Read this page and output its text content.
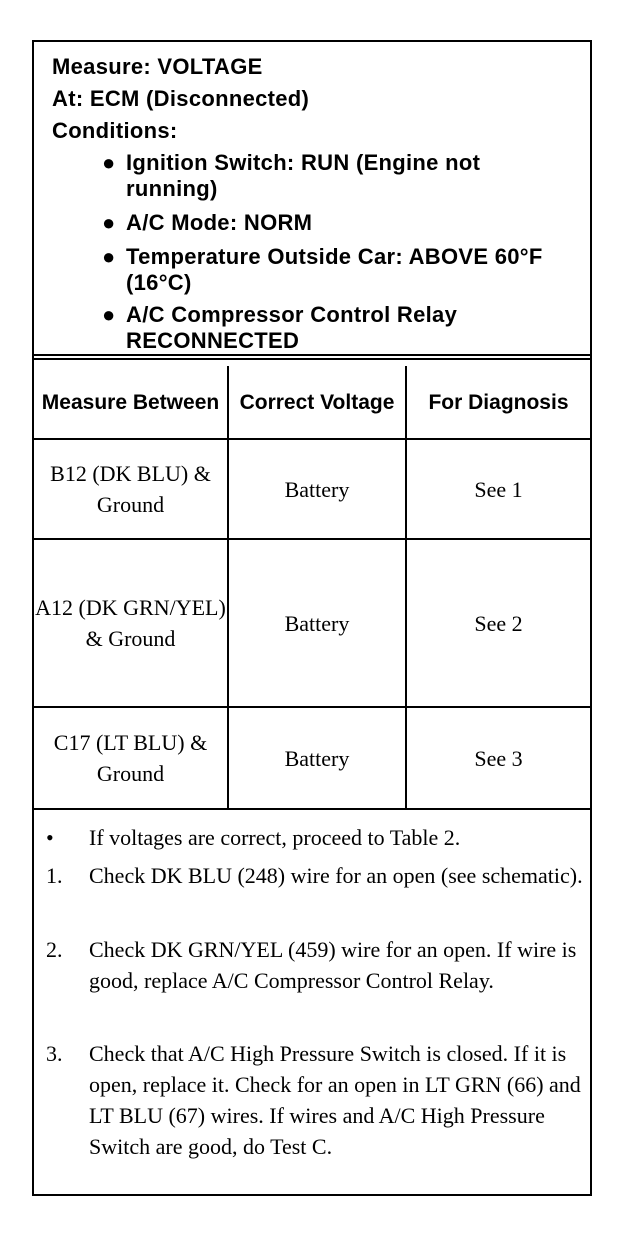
Measure: VOLTAGE
At: ECM (Disconnected)
Conditions:
● Ignition Switch: RUN (Engine not running)
● A/C Mode: NORM
● Temperature Outside Car: ABOVE 60°F (16°C)
● A/C Compressor Control Relay RECONNECTED
Measure Between	Correct Voltage	For Diagnosis
B12 (DK BLU) & Ground	Battery	See 1
A12 (DK GRN/YEL) & Ground	Battery	See 2
C17 (LT BLU) & Ground	Battery	See 3
• If voltages are correct, proceed to Table 2.
1. Check DK BLU (248) wire for an open (see schematic).
2. Check DK GRN/YEL (459) wire for an open. If wire is good, replace A/C Compressor Control Relay.
3. Check that A/C High Pressure Switch is closed. If it is open, replace it. Check for an open in LT GRN (66) and LT BLU (67) wires. If wires and A/C High Pressure Switch are good, do Test C.
